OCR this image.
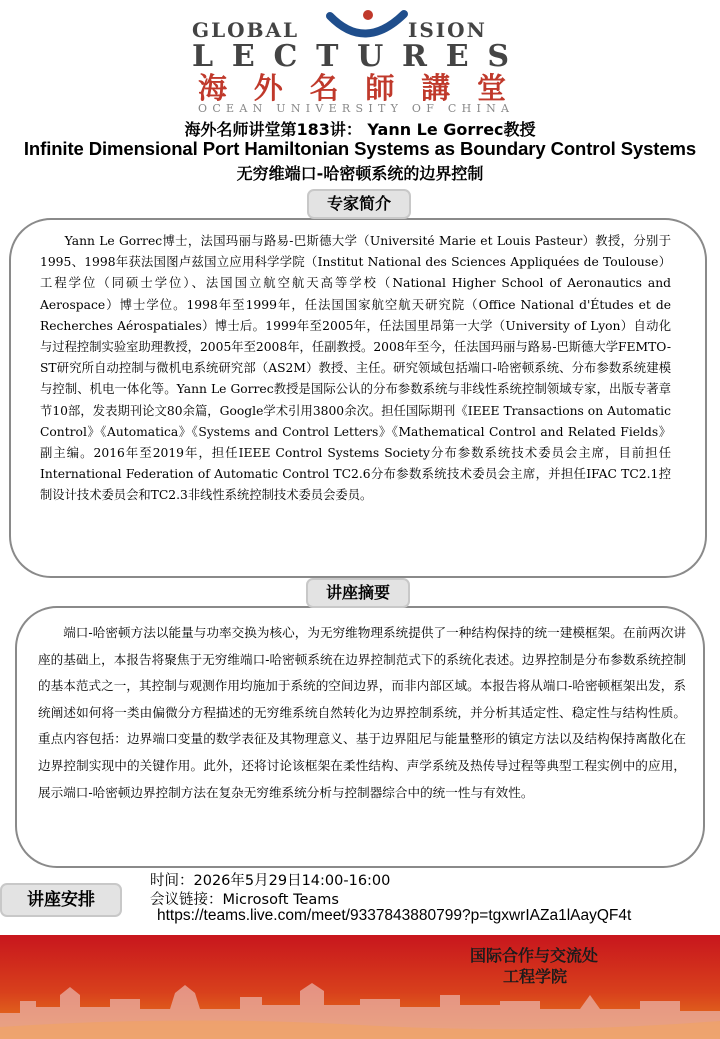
GLOBAL	ISION
LECTURES
海外名師講堂
OCEAN UNIVERSITY OF CHINA
海外名师讲堂第183讲： Yann Le Gorrec教授
Infinite Dimensional Port Hamiltonian Systems as Boundary Control Systems
无穷维端口-哈密顿系统的边界控制
专家简介

Yann Le Gorrec博士，法国玛丽与路易-巴斯德大学（Université Marie et Louis Pasteur）教授，分别于1995、1998年获法国图卢兹国立应用科学学院（Institut National des Sciences Appliquées de Toulouse）工程学位（同硕士学位）、法国国立航空航天高等学校（National Higher School of Aeronautics and Aerospace）博士学位。1998年至1999年，任法国国家航空航天研究院（Office National d'Études et de Recherches Aérospatiales）博士后。1999年至2005年，任法国里昂第一大学（University of Lyon）自动化与过程控制实验室助理教授，2005年至2008年，任副教授。2008年至今，任法国玛丽与路易-巴斯德大学FEMTO-ST研究所自动控制与微机电系统研究部（AS2M）教授、主任。研究领域包括端口-哈密顿系统、分布参数系统建模与控制、机电一体化等。Yann Le Gorrec教授是国际公认的分布参数系统与非线性系统控制领域专家，出版专著章节10部，发表期刊论文80余篇，Google学术引用3800余次。担任国际期刊《IEEE Transactions on Automatic Control》《Automatica》《Systems and Control Letters》《Mathematical Control and Related Fields》副主编。2016年至2019年，担任IEEE Control Systems Society分布参数系统技术委员会主席，目前担任International Federation of Automatic Control TC2.6分布参数系统技术委员会主席，并担任IFAC TC2.1控制设计技术委员会和TC2.3非线性系统控制技术委员会委员。

讲座摘要

端口-哈密顿方法以能量与功率交换为核心，为无穷维物理系统提供了一种结构保持的统一建模框架。在前两次讲座的基础上，本报告将聚焦于无穷维端口-哈密顿系统在边界控制范式下的系统化表述。边界控制是分布参数系统控制的基本范式之一，其控制与观测作用均施加于系统的空间边界，而非内部区域。本报告将从端口-哈密顿框架出发，系统阐述如何将一类由偏微分方程描述的无穷维系统自然转化为边界控制系统，并分析其适定性、稳定性与结构性质。重点内容包括：边界端口变量的数学表征及其物理意义、基于边界阻尼与能量整形的镇定方法以及结构保持离散化在边界控制实现中的关键作用。此外，还将讨论该框架在柔性结构、声学系统及热传导过程等典型工程实例中的应用，展示端口-哈密顿边界控制方法在复杂无穷维系统分析与控制器综合中的统一性与有效性。

讲座安排
时间：2026年5月29日14:00-16:00
会议链接：Microsoft Teams
https://teams.live.com/meet/9337843880799?p=tgxwrIAZa1lAayQF4t
国际合作与交流处
工程学院
